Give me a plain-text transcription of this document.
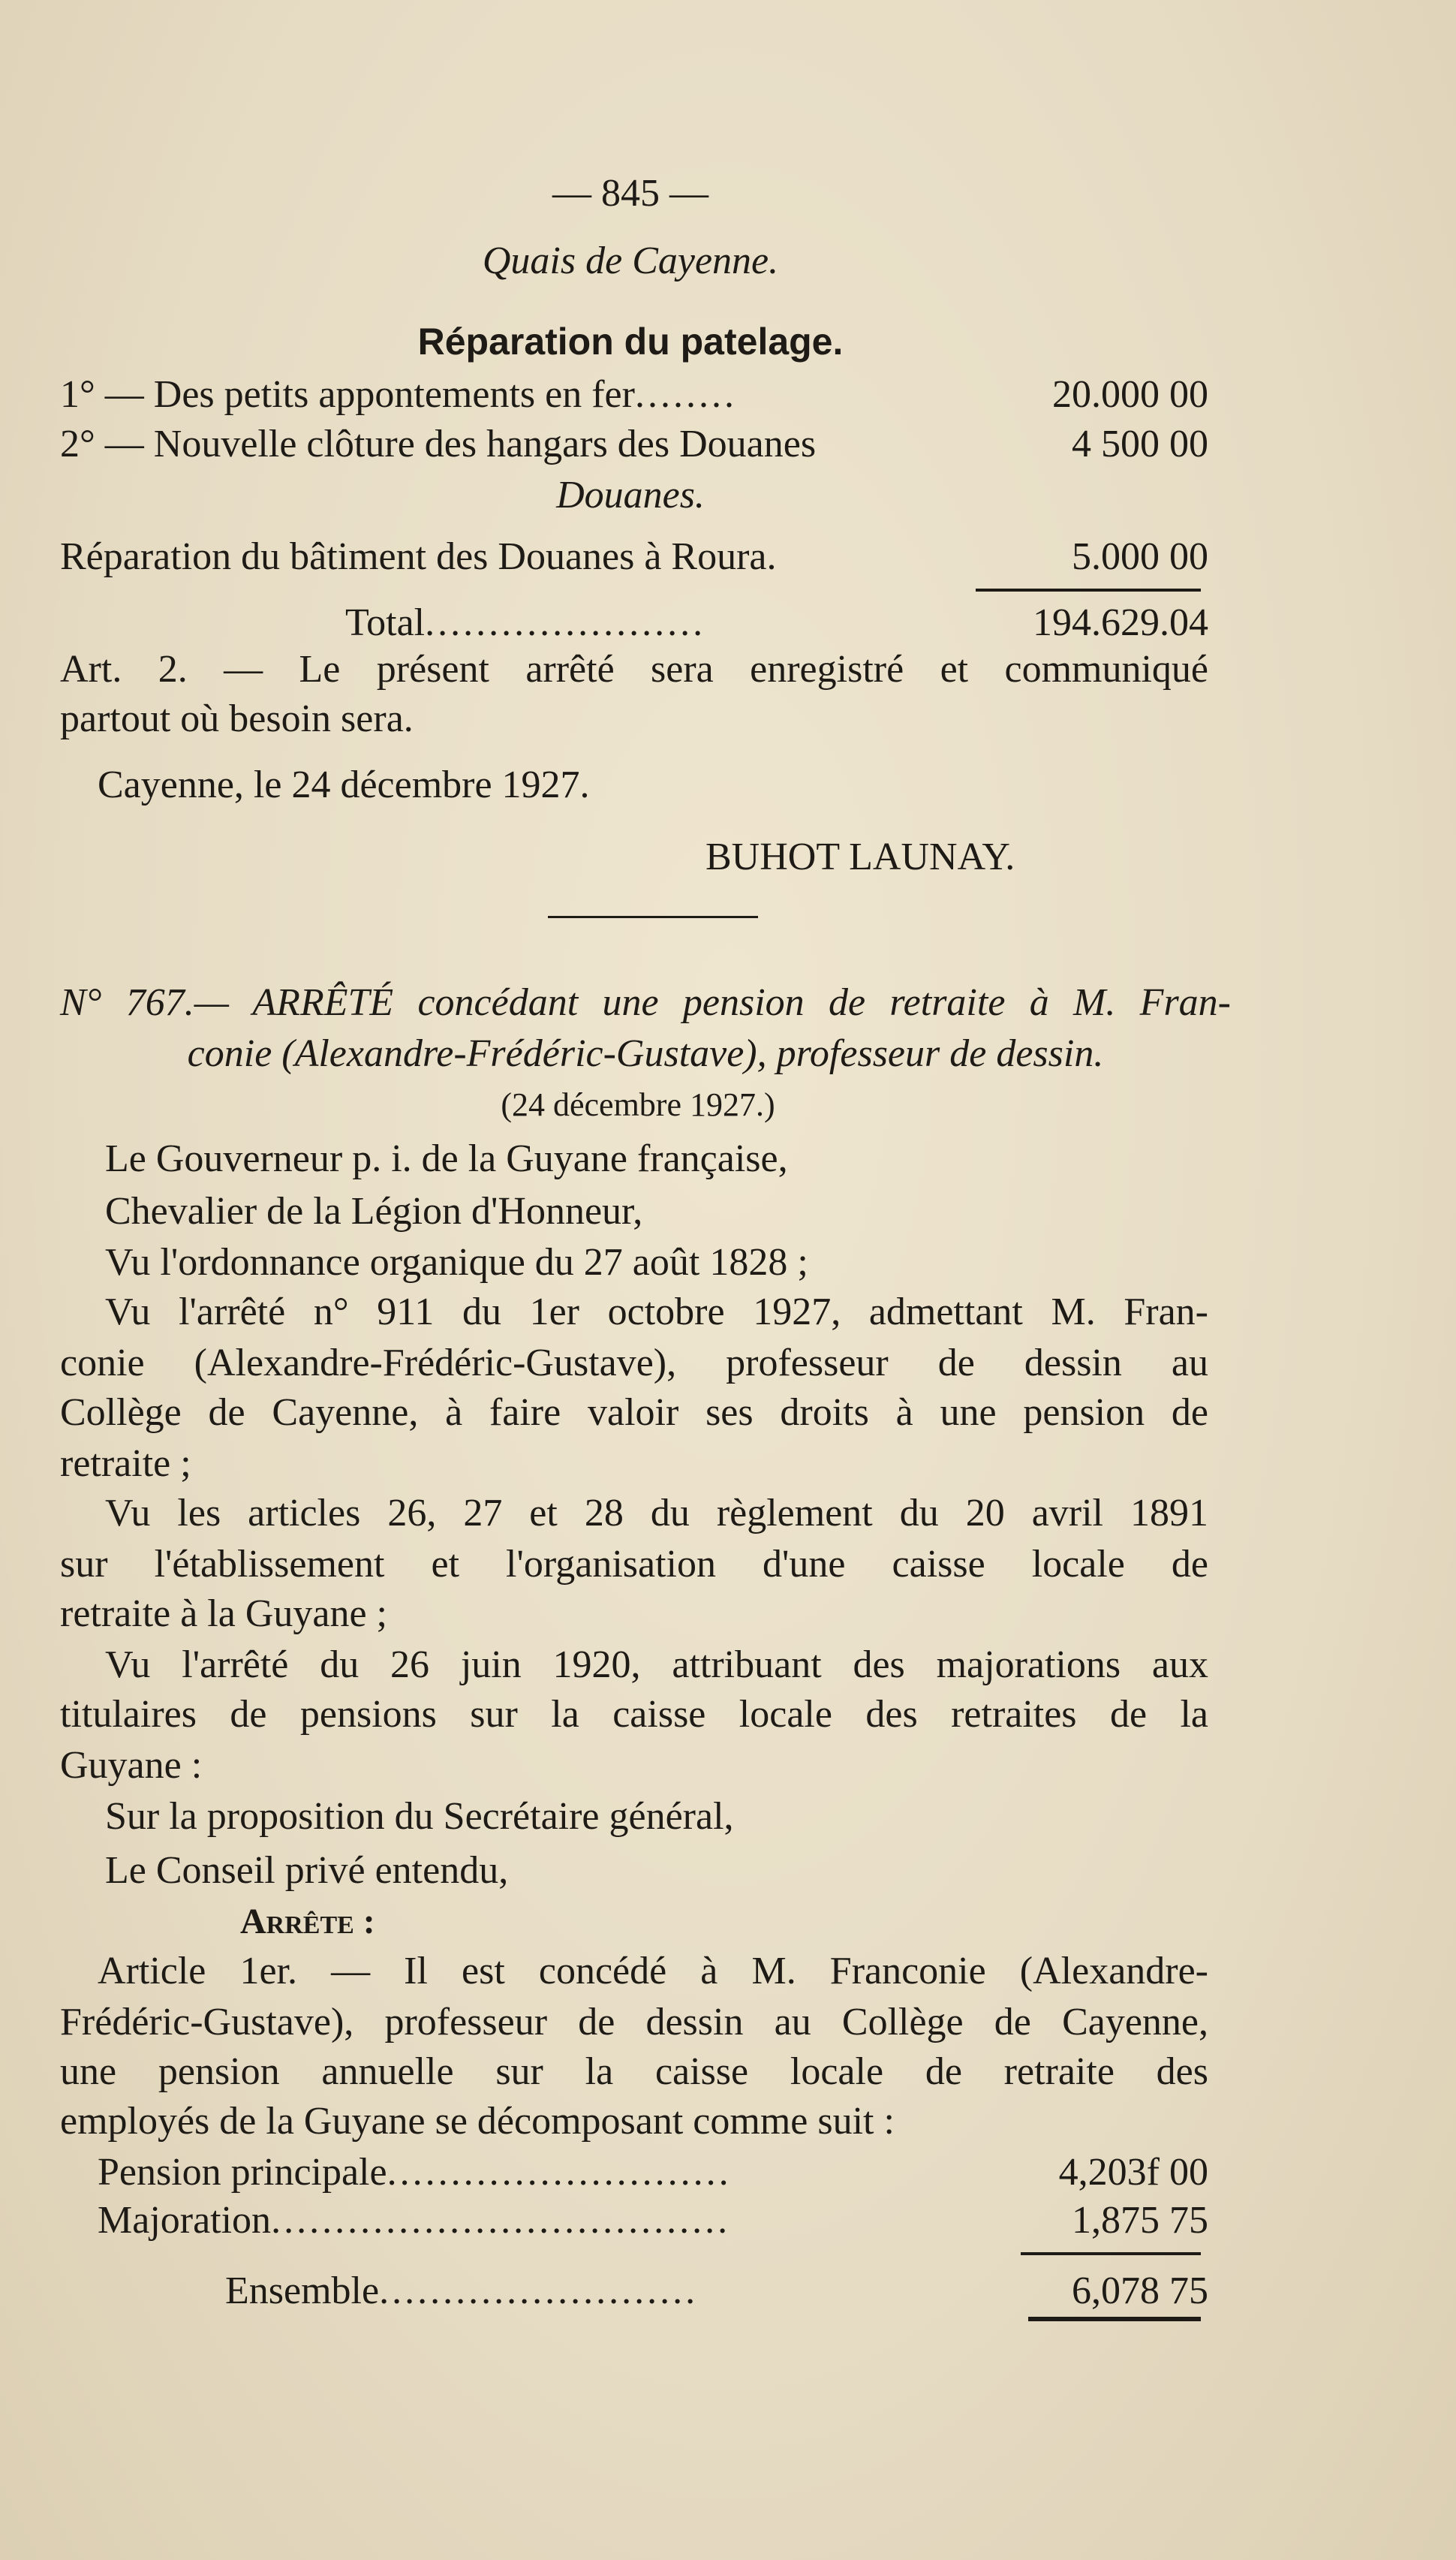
— 845 —
Quais de Cayenne.
Réparation du patelage.
1° — Des petits appontements en fer ........	20.000 00
2° — Nouvelle clôture des hangars des Douanes	4 500 00
Douanes.
Réparation du bâtiment des Douanes à Roura.	5.000 00
Total ......................	194.629.04
Art. 2. — Le présent arrêté sera enregistré et communiqué
partout où besoin sera.
Cayenne, le 24 décembre 1927.
BUHOT LAUNAY.
N° 767.— ARRÊTÉ concédant une pension de retraite à M. Fran-
conie (Alexandre-Frédéric-Gustave), professeur de dessin.
(24 décembre 1927.)
Le Gouverneur p. i. de la Guyane française,
Chevalier de la Légion d'Honneur,
Vu l'ordonnance organique du 27 août 1828 ;
Vu l'arrêté n° 911 du 1er octobre 1927, admettant M. Fran-
conie (Alexandre-Frédéric-Gustave), professeur de dessin au
Collège de Cayenne, à faire valoir ses droits à une pension de
retraite ;
Vu les articles 26, 27 et 28 du règlement du 20 avril 1891
sur l'établissement et l'organisation d'une caisse locale de
retraite à la Guyane ;
Vu l'arrêté du 26 juin 1920, attribuant des majorations aux
titulaires de pensions sur la caisse locale des retraites de la
Guyane :
Sur la proposition du Secrétaire général,
Le Conseil privé entendu,
Arrête :
Article 1er. — Il est concédé à M. Franconie (Alexandre-
Frédéric-Gustave), professeur de dessin au Collège de Cayenne,
une pension annuelle sur la caisse locale de retraite des
employés de la Guyane se décomposant comme suit :
Pension principale ...........................	4,203f 00
Majoration ....................................	1,875 75
Ensemble .........................	6,078 75
